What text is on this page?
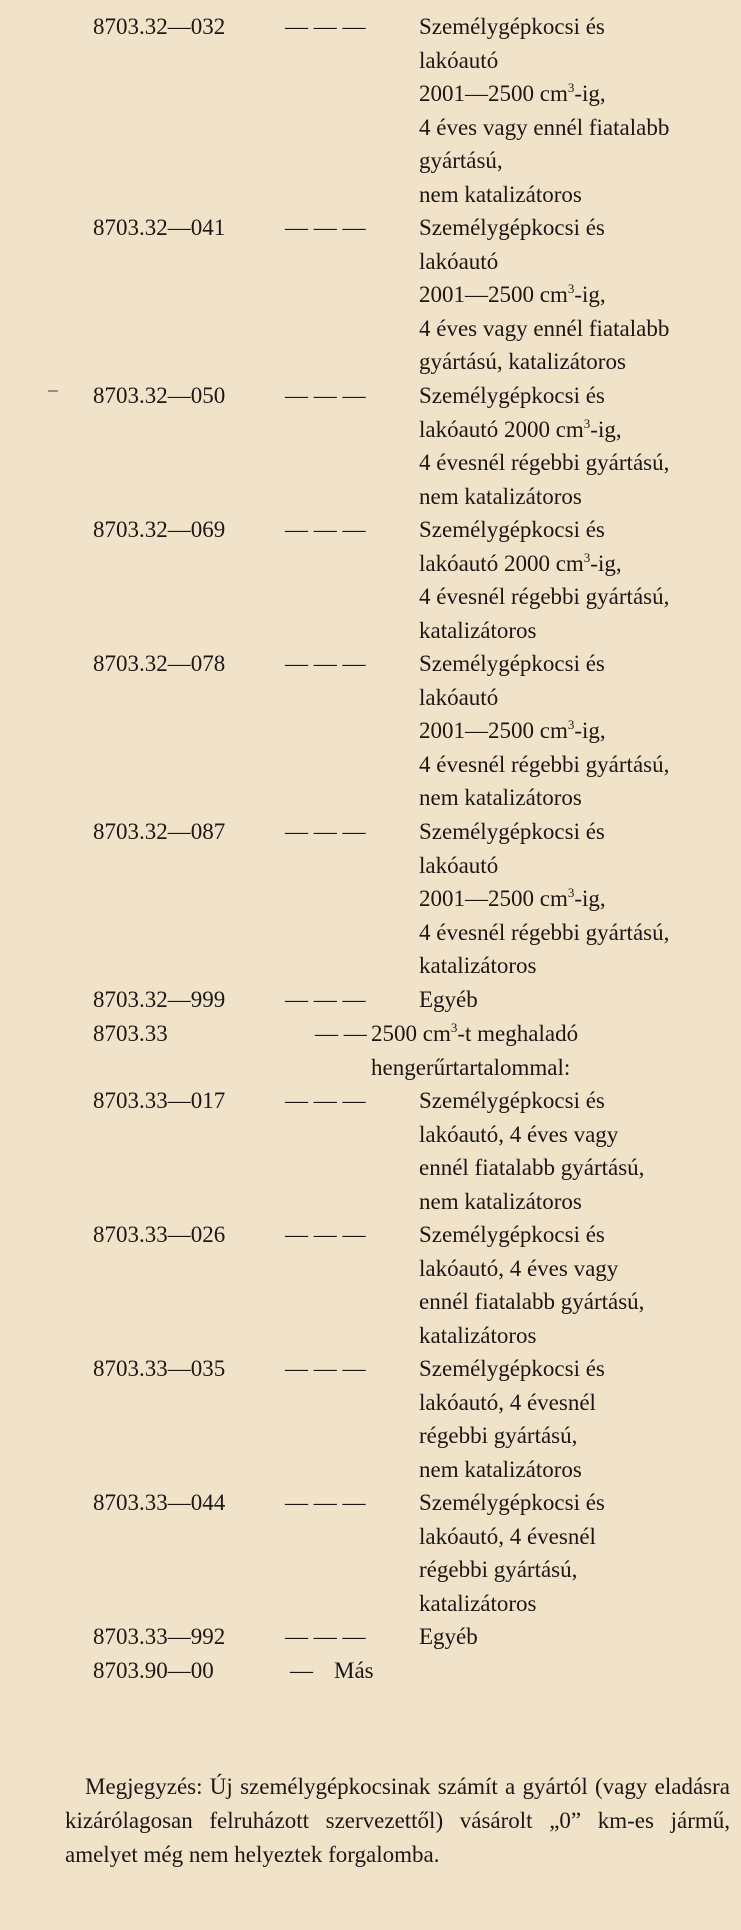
8703.32—032	— — —	Személygépkocsi és
lakóautó
2001—2500 $cm^3-ig$,
4 éves vagy ennél fiatalabb
gyártású,
nem katalizátoros
8703.32—041	— — —	Személygépkocsi és
lakóautó
2001—2500 $cm^3-ig$,
4 éves vagy ennél fiatalabb
gyártású, katalizátoros
8703.32—050	— — —	Személygépkocsi és
lakóautó 2000 $cm^3-ig$,
4 évesnél régebbi gyártású,
nem katalizátoros
8703.32—069	— — —	Személygépkocsi és
lakóautó 2000 $cm^3-ig$,
4 évesnél régebbi gyártású,
katalizátoros
8703.32—078	— — —	Személygépkocsi és
lakóautó
2001—2500 $cm^3-ig$,
4 évesnél régebbi gyártású,
nem katalizátoros
8703.32—087	— — —	Személygépkocsi és
lakóautó
2001—2500 $cm^3-ig$,
4 évesnél régebbi gyártású,
katalizátoros
8703.32—999	— — —	Egyéb
8703.33	— — 2500 $cm^3-t$ meghaladó
hengerűrtartalommal:
8703.33—017	— — —	Személygépkocsi és
lakóautó, 4 éves vagy
ennél fiatalabb gyártású,
nem katalizátoros
8703.33—026	— — —	Személygépkocsi és
lakóautó, 4 éves vagy
ennél fiatalabb gyártású,
katalizátoros
8703.33—035	— — —	Személygépkocsi és
lakóautó, 4 évesnél
régebbi gyártású,
nem katalizátoros
8703.33—044	— — —	Személygépkocsi és
lakóautó, 4 évesnél
régebbi gyártású,
katalizátoros
8703.33—992	— — —	Egyéb
8703.90—00	— Más

Megjegyzés: Új személygépkocsinak számít a gyártól (vagy eladásra kizárólagosan felruházott szervezettől) vásárolt „0” km-es jármű, amelyet még nem helyeztek forgalomba.
